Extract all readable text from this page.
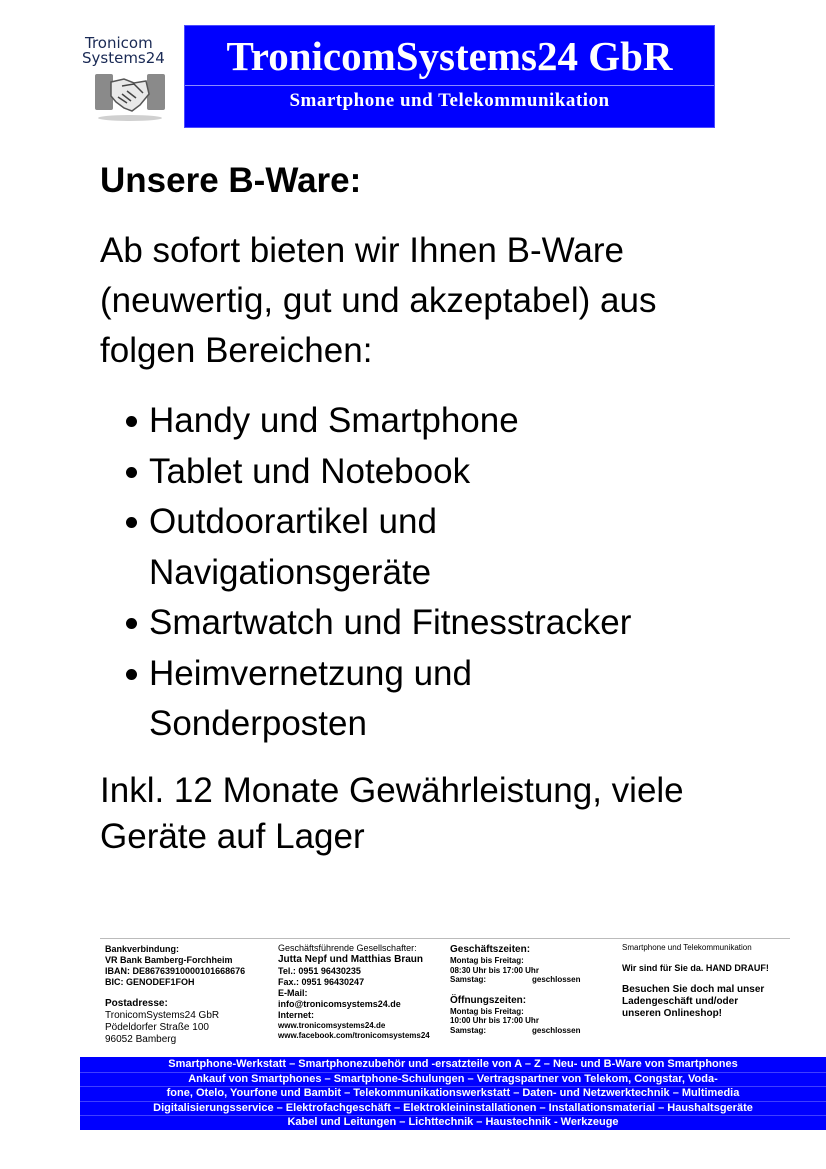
Tronicom
Systems24	TronicomSystems24 GbR
Smartphone und Telekommunikation
Unsere B-Ware:
Ab sofort bieten wir Ihnen B-Ware
(neuwertig, gut und akzeptabel) aus
folgen Bereichen:
Handy und Smartphone
Tablet und Notebook
Outdoorartikel und
Navigationsgeräte
Smartwatch und Fitnesstracker
Heimvernetzung und
Sonderposten
Inkl. 12 Monate Gewährleistung, viele
Geräte auf Lager
Bankverbindung:
VR Bank Bamberg-Forchheim
IBAN: DE86763910000101668676
BIC: GENODEF1FOH
Postadresse:
TronicomSystems24 GbR
Pödeldorfer Straße 100
96052 Bamberg
Geschäftsführende Gesellschafter:
Jutta Nepf und Matthias Braun
Tel.: 0951 96430235
Fax.: 0951 96430247
E-Mail:
info@tronicomsystems24.de
Internet:
www.tronicomsystems24.de
www.facebook.com/tronicomsystems24
Geschäftszeiten:
Montag bis Freitag:
08:30 Uhr bis 17:00 Uhr
Samstag:	geschlossen
Öffnungszeiten:
Montag bis Freitag:
10:00 Uhr bis 17:00 Uhr
Samstag:	geschlossen
Smartphone und Telekommunikation
Wir sind für Sie da. HAND DRAUF!
Besuchen Sie doch mal unser
Ladengeschäft und/oder
unseren Onlineshop!
Smartphone-Werkstatt – Smartphonezubehör und -ersatzteile von A – Z – Neu- und B-Ware von Smartphones
Ankauf von Smartphones – Smartphone-Schulungen – Vertragspartner von Telekom, Congstar, Voda-
fone, Otelo, Yourfone und Bambit – Telekommunikationswerkstatt – Daten- und Netzwerktechnik – Multimedia
Digitalisierungsservice – Elektrofachgeschäft – Elektrokleininstallationen – Installationsmaterial – Haushaltsgeräte
Kabel und Leitungen – Lichttechnik – Haustechnik - Werkzeuge
